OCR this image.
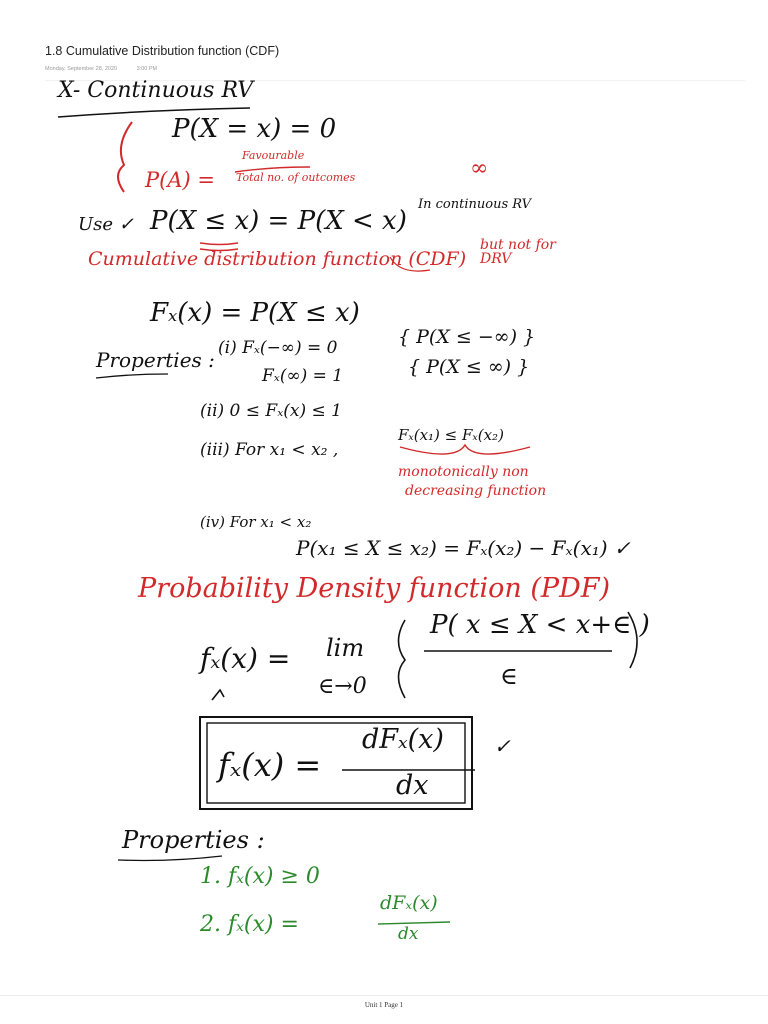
1.8 Cumulative Distribution function (CDF)
Monday, September 28, 2020	3:00 PM
X- Continuous RV
P(X = x) = 0
P(A) =
Favourable
Total no. of outcomes	∞
Use ✓ P(X ≤ x) = P(X < x)
In continuous RV
Cumulative distribution function (CDF)
but not for DRV
Fₓ(x) = P(X ≤ x)
Properties : (i) Fₓ(−∞) = 0	{ P(X ≤ −∞) }
Fₓ(∞) = 1	{ P(X ≤ ∞) }
(ii) 0 ≤ Fₓ(x) ≤ 1
(iii) For x₁ < x₂ ,
Fₓ(x₁) ≤ Fₓ(x₂)
monotonically non
decreasing function
(iv) For x₁ < x₂
P(x₁ ≤ X ≤ x₂) = Fₓ(x₂) − Fₓ(x₁) ✓
Probability Density function (PDF)
fₓ(x) = lim
∈→0
P( x ≤ X < x+∈ )
∈
fₓ(x) =
dFₓ(x)
dx
✓
Properties :
1. fₓ(x) ≥ 0
2. fₓ(x) =
dFₓ(x)
dx
Unit 1 Page 1
